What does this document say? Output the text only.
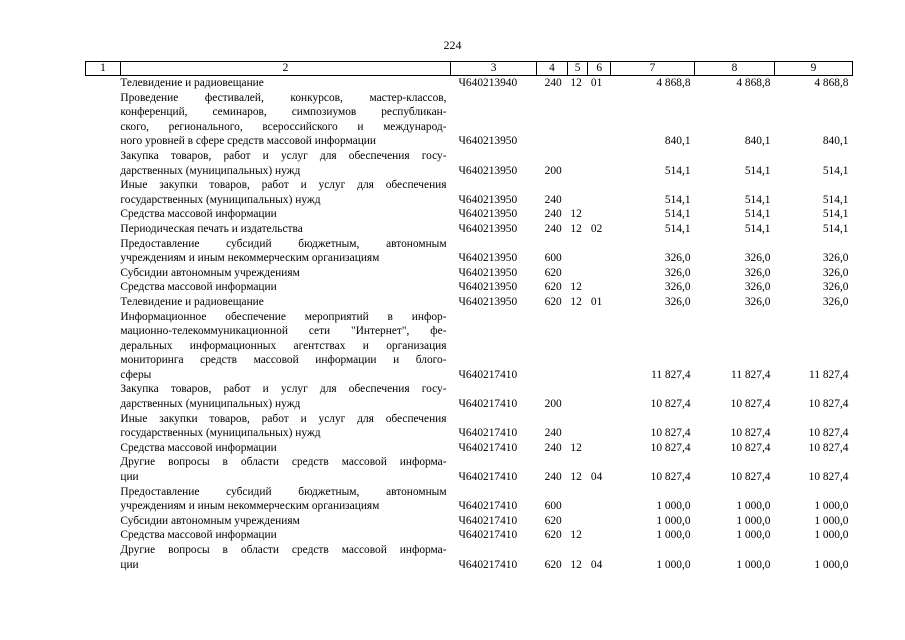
224
1	2	3	4	5	6	7	8	9

	Телевидение и радиовещание	Ч640213940	240	12	01	4 868,8	4 868,8	4 868,8

	Проведение фестивалей, конкурсов, мастер-классов,
конференций, семинаров, симпозиумов республикан-
ского, регионального, всероссийского и международ-
ного уровней в сфере средств массовой информации	Ч640213950				840,1	840,1	840,1

	Закупка товаров, работ и услуг для обеспечения госу-
дарственных (муниципальных) нужд	Ч640213950	200			514,1	514,1	514,1

	Иные закупки товаров, работ и услуг для обеспечения
государственных (муниципальных) нужд	Ч640213950	240			514,1	514,1	514,1

	Средства массовой информации	Ч640213950	240	12		514,1	514,1	514,1

	Периодическая печать и издательства	Ч640213950	240	12	02	514,1	514,1	514,1

	Предоставление субсидий бюджетным, автономным
учреждениям и иным некоммерческим организациям	Ч640213950	600			326,0	326,0	326,0

	Субсидии автономным учреждениям	Ч640213950	620			326,0	326,0	326,0

	Средства массовой информации	Ч640213950	620	12		326,0	326,0	326,0

	Телевидение и радиовещание	Ч640213950	620	12	01	326,0	326,0	326,0

	Информационное обеспечение мероприятий в инфор-
мационно-телекоммуникационной сети "Интернет", фе-
деральных информационных агентствах и организация
мониторинга средств массовой информации и блого-
сферы	Ч640217410				11 827,4	11 827,4	11 827,4

	Закупка товаров, работ и услуг для обеспечения госу-
дарственных (муниципальных) нужд	Ч640217410	200			10 827,4	10 827,4	10 827,4

	Иные закупки товаров, работ и услуг для обеспечения
государственных (муниципальных) нужд	Ч640217410	240			10 827,4	10 827,4	10 827,4

	Средства массовой информации	Ч640217410	240	12		10 827,4	10 827,4	10 827,4

	Другие вопросы в области средств массовой информа-
ции	Ч640217410	240	12	04	10 827,4	10 827,4	10 827,4

	Предоставление субсидий бюджетным, автономным
учреждениям и иным некоммерческим организациям	Ч640217410	600			1 000,0	1 000,0	1 000,0

	Субсидии автономным учреждениям	Ч640217410	620			1 000,0	1 000,0	1 000,0

	Средства массовой информации	Ч640217410	620	12		1 000,0	1 000,0	1 000,0

	Другие вопросы в области средств массовой информа-
ции	Ч640217410	620	12	04	1 000,0	1 000,0	1 000,0
